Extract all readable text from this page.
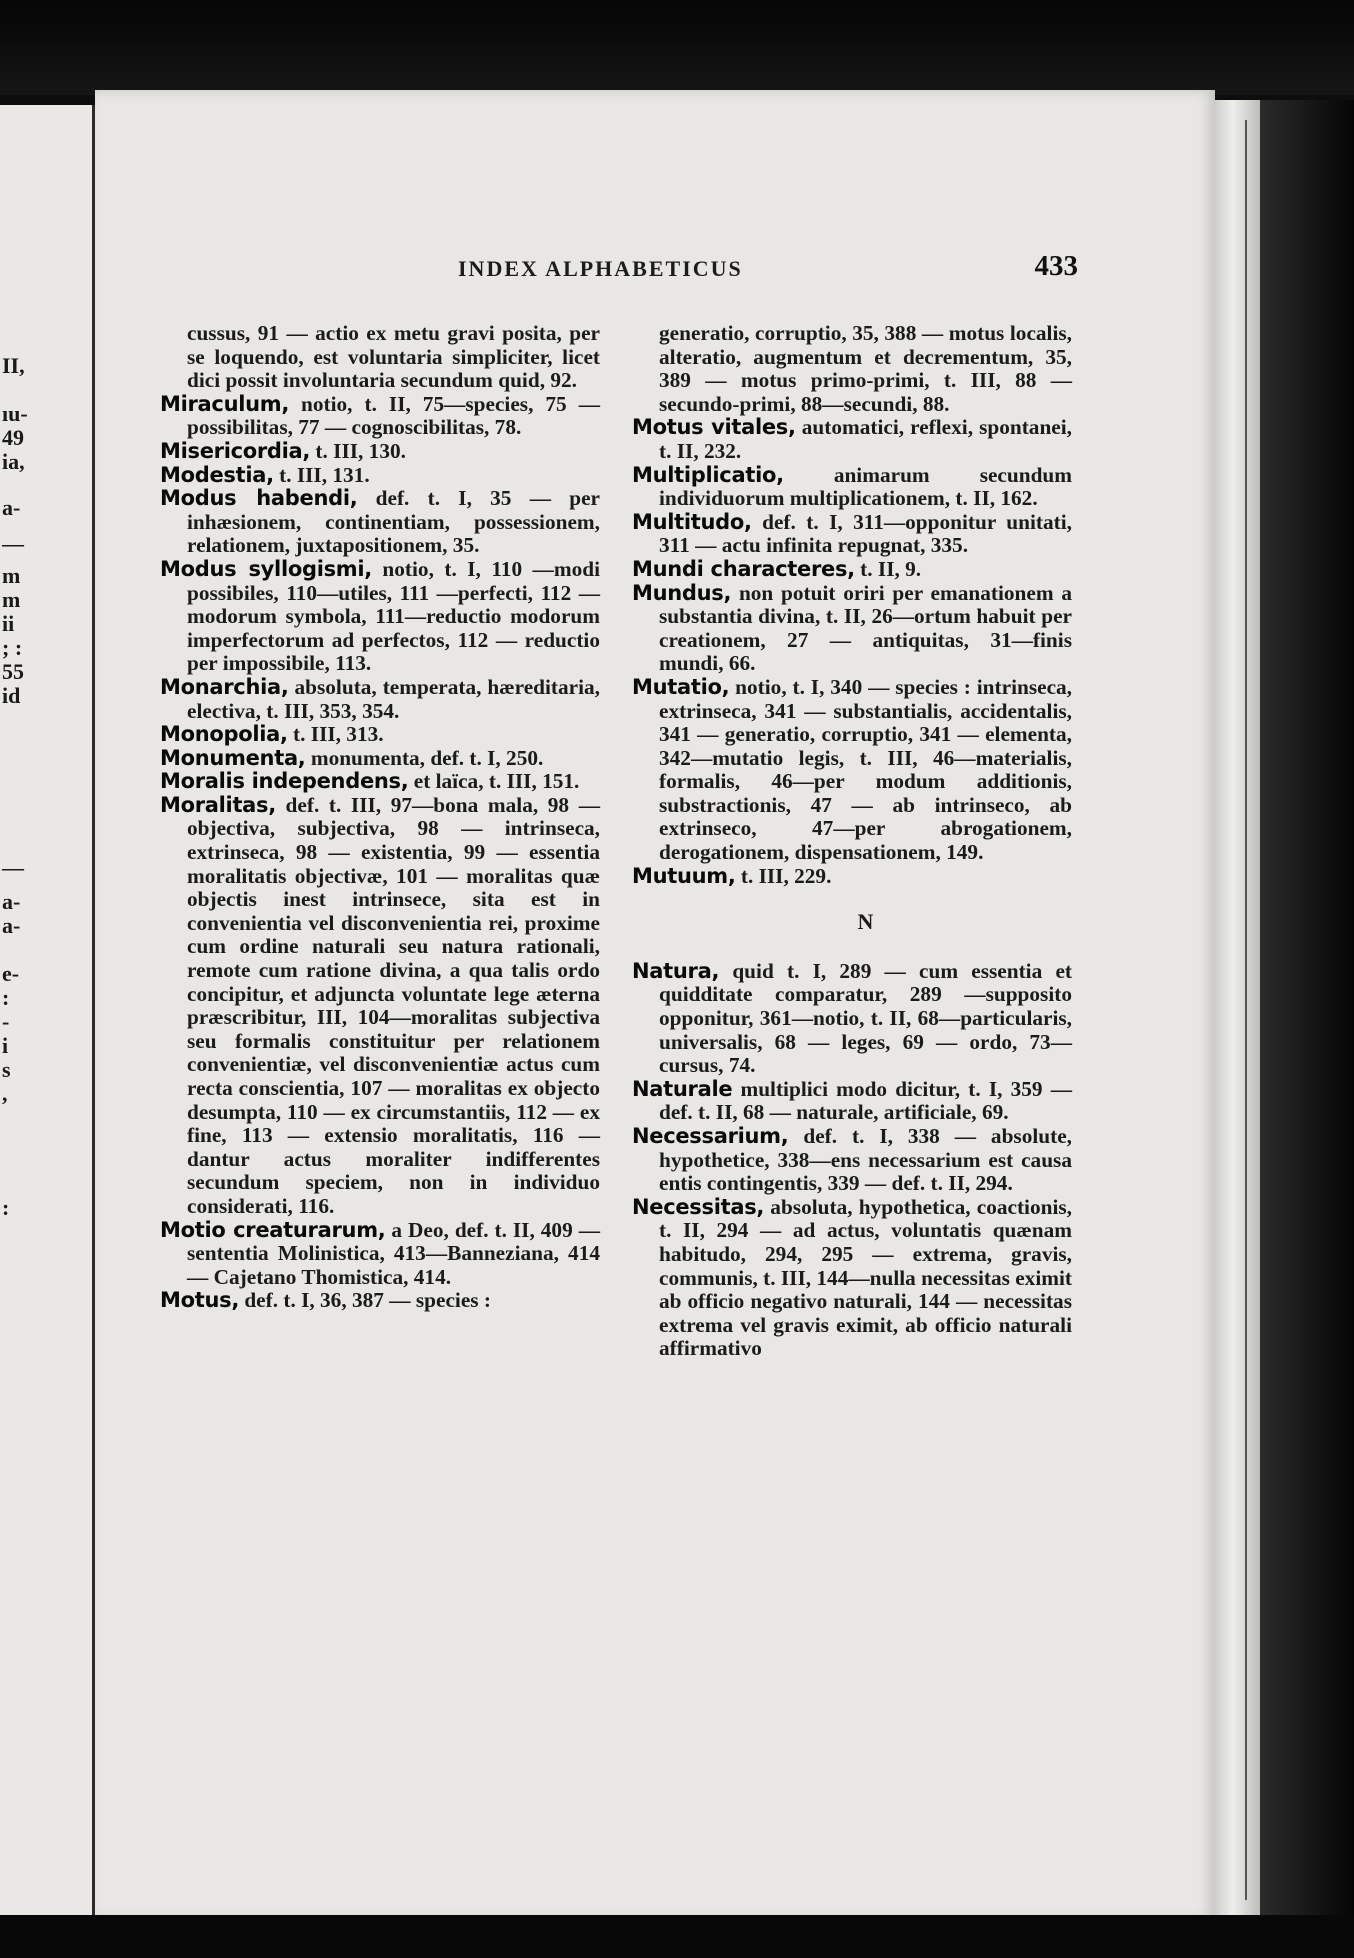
II,
ıu-
49
ia,
a-
—
m
m
ii
; :
55
id
—
a-
a-
e-
:
-
i
s
,
:
INDEX ALPHABETICUS	433

cussus, 91 — actio ex metu gravi posita, per se loquendo, est voluntaria simpliciter, licet dici possit involuntaria secundum quid, 92.

Miraculum, notio, t. II, 75—species, 75 — possibilitas, 77 — cognoscibilitas, 78.

Misericordia, t. III, 130.

Modestia, t. III, 131.

Modus habendi, def. t. I, 35 — per inhæsionem, continentiam, possessionem, relationem, juxtapositionem, 35.

Modus syllogismi, notio, t. I, 110 —modi possibiles, 110—utiles, 111 —perfecti, 112 — modorum symbola, 111—reductio modorum imperfectorum ad perfectos, 112 — reductio per impossibile, 113.

Monarchia, absoluta, temperata, hæreditaria, electiva, t. III, 353, 354.

Monopolia, t. III, 313.

Monumenta, monumenta, def. t. I, 250.

Moralis independens, et laïca, t. III, 151.

Moralitas, def. t. III, 97—bona mala, 98 — objectiva, subjectiva, 98 — intrinseca, extrinseca, 98 — existentia, 99 — essentia moralitatis objectivæ, 101 — moralitas quæ objectis inest intrinsece, sita est in convenientia vel disconvenientia rei, proxime cum ordine naturali seu natura rationali, remote cum ratione divina, a qua talis ordo concipitur, et adjuncta voluntate lege æterna præscribitur, III, 104—moralitas subjectiva seu formalis constituitur per relationem convenientiæ, vel disconvenientiæ actus cum recta conscientia, 107 — moralitas ex objecto desumpta, 110 — ex circumstantiis, 112 — ex fine, 113 — extensio moralitatis, 116 — dantur actus moraliter indifferentes secundum speciem, non in individuo considerati, 116.

Motio creaturarum, a Deo, def. t. II, 409 — sententia Molinistica, 413—Banneziana, 414 — Cajetano Thomistica, 414.

Motus, def. t. I, 36, 387 — species :

generatio, corruptio, 35, 388 — motus localis, alteratio, augmentum et decrementum, 35, 389 — motus primo-primi, t. III, 88 — secundo-primi, 88—secundi, 88.

Motus vitales, automatici, reflexi, spontanei, t. II, 232.

Multiplicatio, animarum secundum individuorum multiplicationem, t. II, 162.

Multitudo, def. t. I, 311—opponitur unitati, 311 — actu infinita repugnat, 335.

Mundi characteres, t. II, 9.

Mundus, non potuit oriri per emanationem a substantia divina, t. II, 26—ortum habuit per creationem, 27 — antiquitas, 31—finis mundi, 66.

Mutatio, notio, t. I, 340 — species : intrinseca, extrinseca, 341 — substantialis, accidentalis, 341 — generatio, corruptio, 341 — elementa, 342—mutatio legis, t. III, 46—materialis, formalis, 46—per modum additionis, substractionis, 47 — ab intrinseco, ab extrinseco, 47—per abrogationem, derogationem, dispensationem, 149.

Mutuum, t. III, 229.

N

Natura, quid t. I, 289 — cum essentia et quidditate comparatur, 289 —supposito opponitur, 361—notio, t. II, 68—particularis, universalis, 68 — leges, 69 — ordo, 73—cursus, 74.

Naturale multiplici modo dicitur, t. I, 359 — def. t. II, 68 — naturale, artificiale, 69.

Necessarium, def. t. I, 338 — absolute, hypothetice, 338—ens necessarium est causa entis contingentis, 339 — def. t. II, 294.

Necessitas, absoluta, hypothetica, coactionis, t. II, 294 — ad actus, voluntatis quænam habitudo, 294, 295 — extrema, gravis, communis, t. III, 144—nulla necessitas eximit ab officio negativo naturali, 144 — necessitas extrema vel gravis eximit, ab officio naturali affirmativo
